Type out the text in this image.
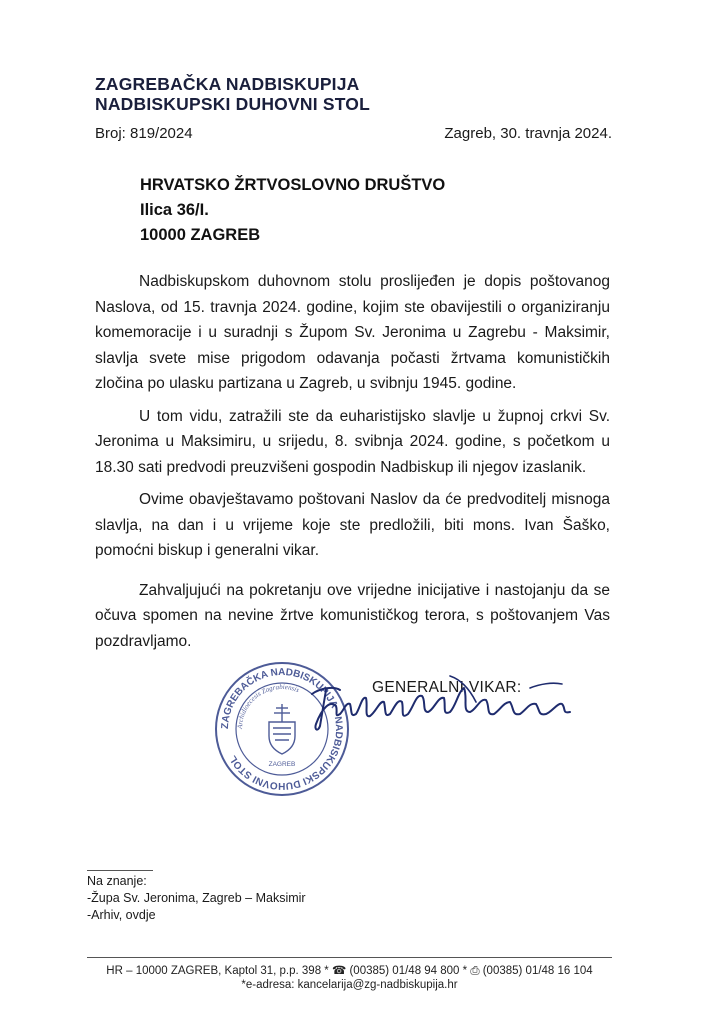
ZAGREBAČKA NADBISKUPIJA
NADBISKUPSKI DUHOVNI STOL
Broj: 819/2024	Zagreb, 30. travnja 2024.
HRVATSKO ŽRTVOSLOVNO DRUŠTVO
Ilica 36/I.
10000 ZAGREB

Nadbiskupskom duhovnom stolu proslijeđen je dopis poštovanog Naslova, od 15. travnja 2024. godine, kojim ste obavijestili o organiziranju komemoracije i u suradnji s Župom Sv. Jeronima u Zagrebu - Maksimir, slavlja svete mise prigodom odavanja počasti žrtvama komunističkih zločina po ulasku partizana u Zagreb, u svibnju 1945. godine.

U tom vidu, zatražili ste da euharistijsko slavlje u župnoj crkvi Sv. Jeronima u Maksimiru, u srijedu, 8. svibnja 2024. godine, s početkom u 18.30 sati predvodi preuzvišeni gospodin Nadbiskup ili njegov izaslanik.

Ovime obavještavamo poštovani Naslov da će predvoditelj misnoga slavlja, na dan i u vrijeme koje ste predložili, biti mons. Ivan Šaško, pomoćni biskup i generalni vikar.

Zahvaljujući na pokretanju ove vrijedne inicijative i nastojanju da se očuva spomen na nevine žrtve komunističkog terora, s poštovanjem Vas pozdravljamo.

ZAGREBAČKA NADBISKUPIJA · NADBISKUPSKI DUHOVNI STOL
Archidioecesis Zagrabiensis
ZAGREB
GENERALNI VIKAR:
Na znanje:
-Župa Sv. Jeronima, Zagreb – Maksimir
-Arhiv, ovdje
HR – 10000 ZAGREB, Kaptol 31, p.p. 398 * ☎ (00385) 01/48 94 800 * ⎙ (00385) 01/48 16 104
*e-adresa: kancelarija@zg-nadbiskupija.hr
